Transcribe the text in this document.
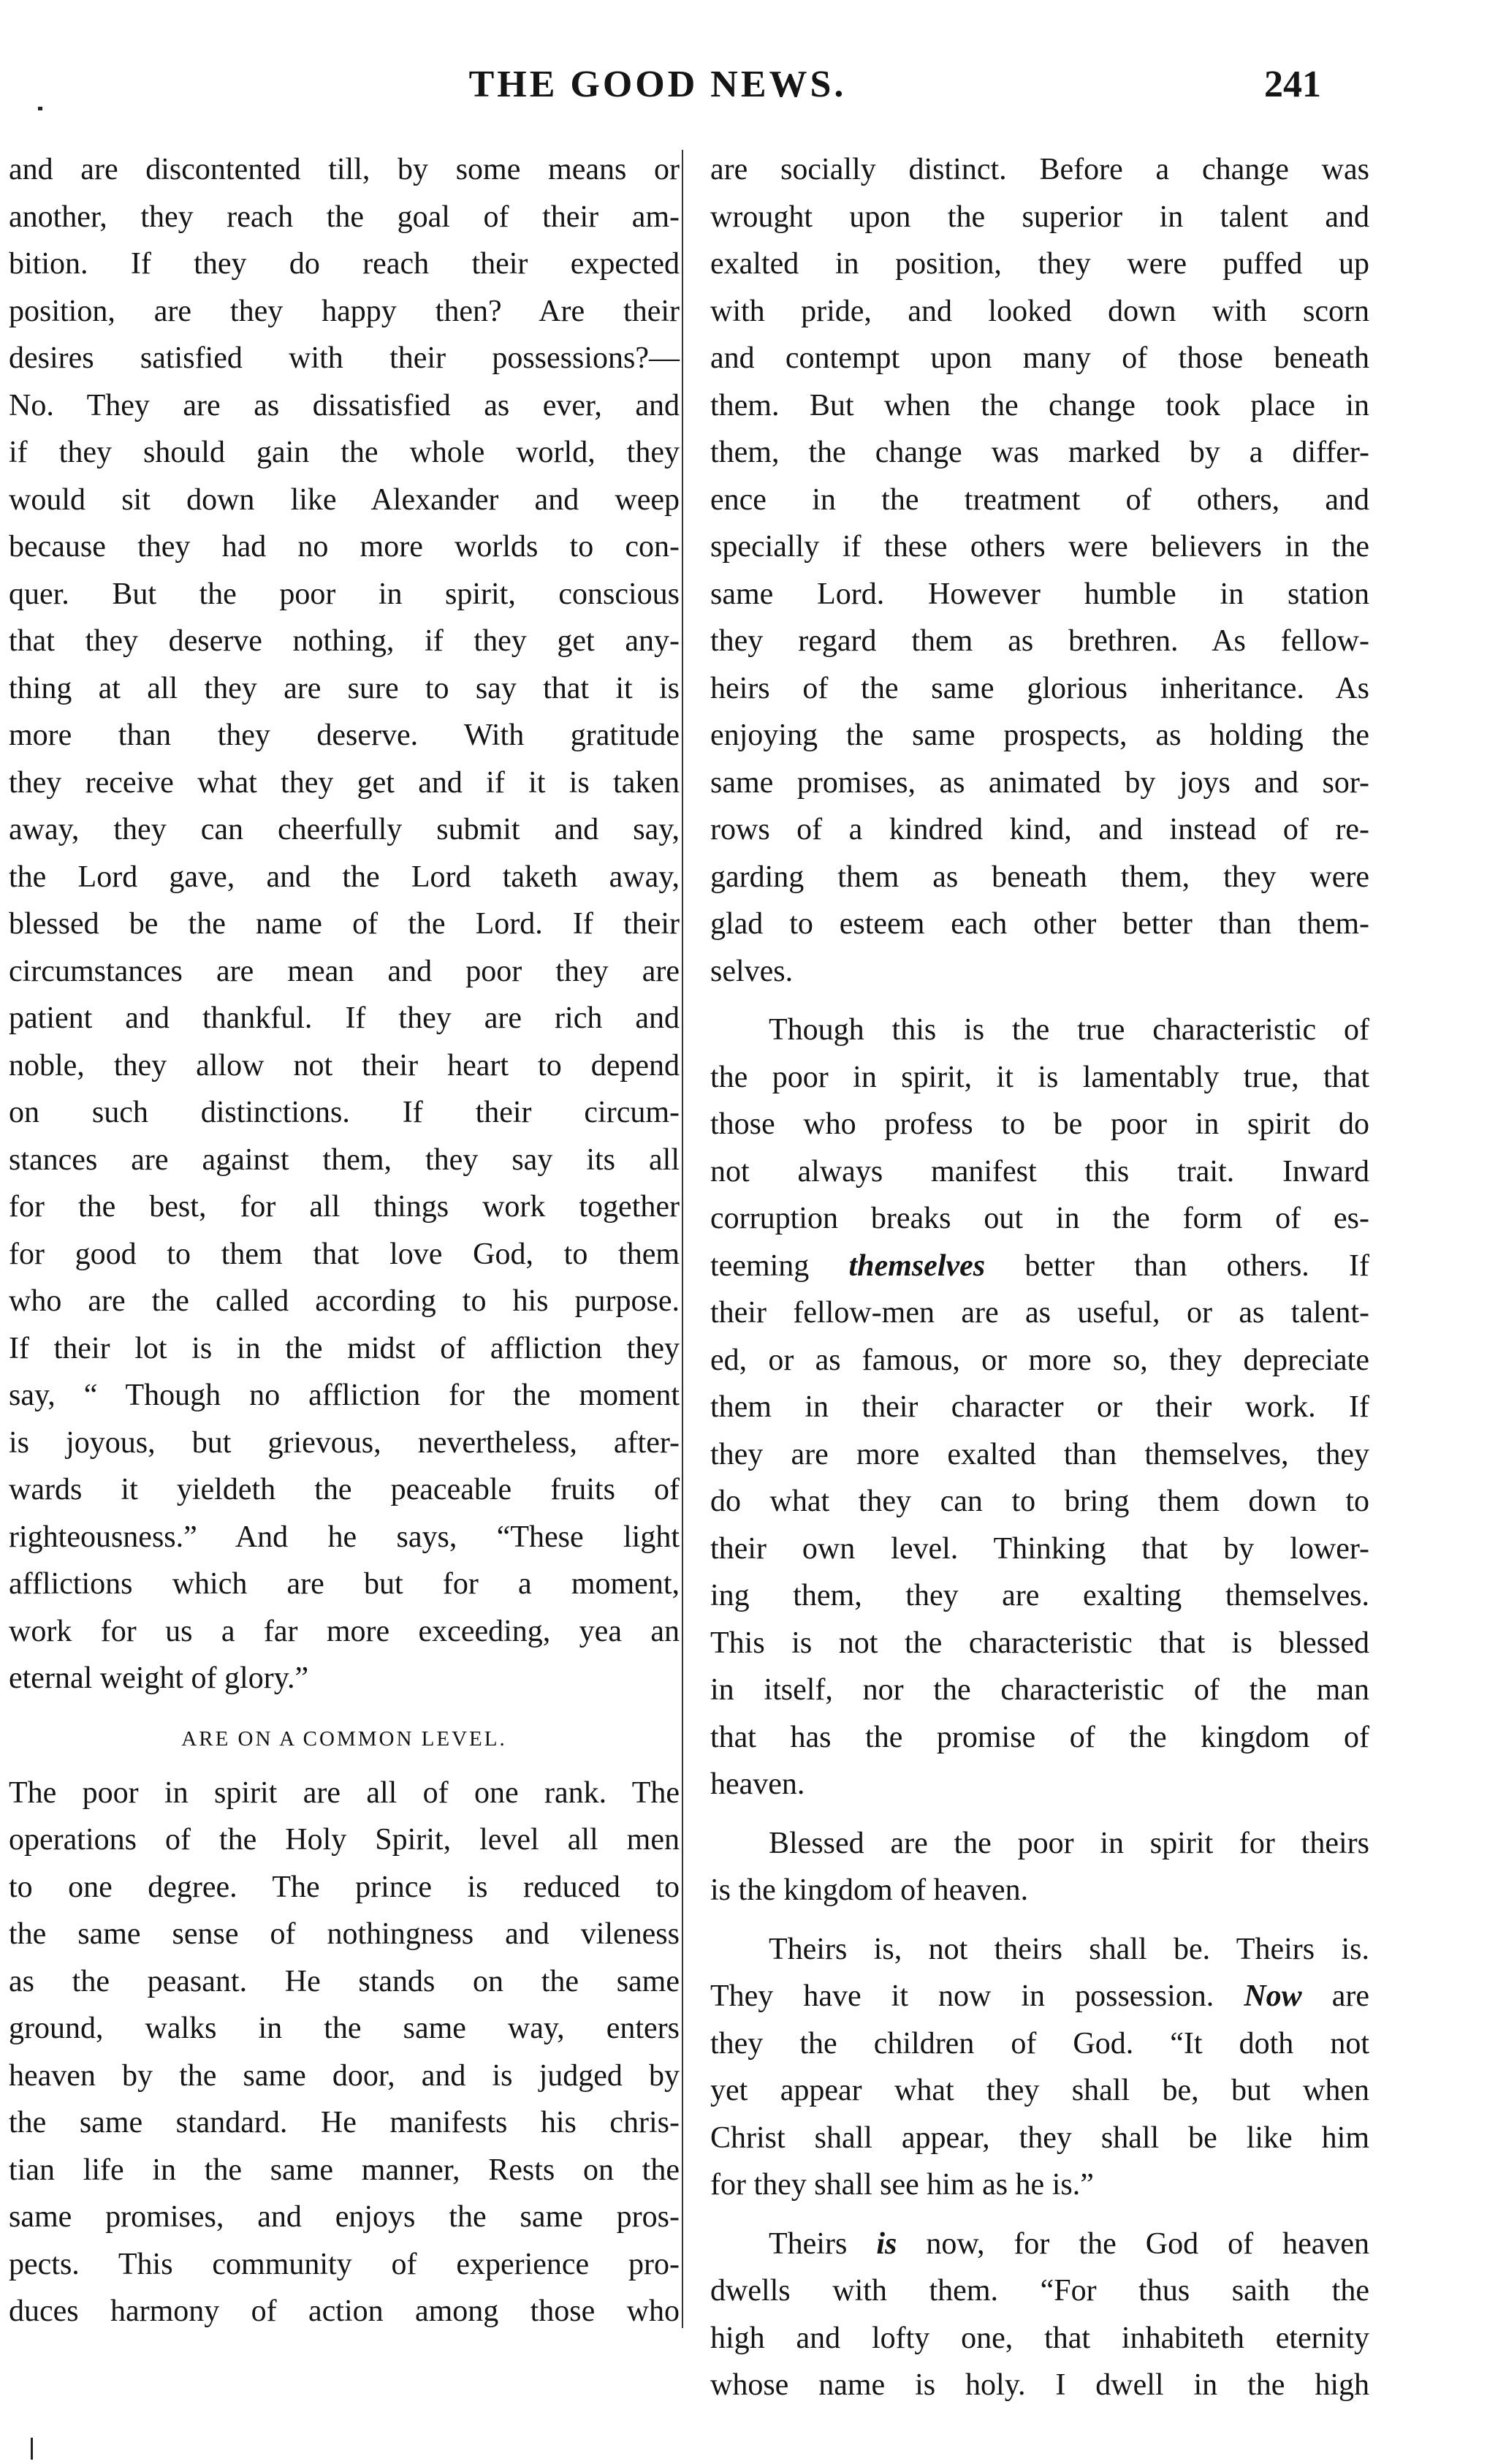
THE GOOD NEWS.	241
and are discontented till, by some means or
another, they reach the goal of their am-
bition. If they do reach their expected
position, are they happy then? Are their
desires satisfied with their possessions?—
No. They are as dissatisfied as ever, and
if they should gain the whole world, they
would sit down like Alexander and weep
because they had no more worlds to con-
quer. But the poor in spirit, conscious
that they deserve nothing, if they get any-
thing at all they are sure to say that it is
more than they deserve. With gratitude
they receive what they get and if it is taken
away, they can cheerfully submit and say,
the Lord gave, and the Lord taketh away,
blessed be the name of the Lord. If their
circumstances are mean and poor they are
patient and thankful. If they are rich and
noble, they allow not their heart to depend
on such distinctions. If their circum-
stances are against them, they say its all
for the best, for all things work together
for good to them that love God, to them
who are the called according to his purpose.
If their lot is in the midst of affliction they
say, “ Though no affliction for the moment
is joyous, but grievous, nevertheless, after-
wards it yieldeth the peaceable fruits of
righteousness.” And he says, “These light
afflictions which are but for a moment,
work for us a far more exceeding, yea an
eternal weight of glory.”
ARE ON A COMMON LEVEL.
The poor in spirit are all of one rank. The
operations of the Holy Spirit, level all men
to one degree. The prince is reduced to
the same sense of nothingness and vileness
as the peasant. He stands on the same
ground, walks in the same way, enters
heaven by the same door, and is judged by
the same standard. He manifests his chris-
tian life in the same manner, Rests on the
same promises, and enjoys the same pros-
pects. This community of experience pro-
duces harmony of action among those who
are socially distinct. Before a change was
wrought upon the superior in talent and
exalted in position, they were puffed up
with pride, and looked down with scorn
and contempt upon many of those beneath
them. But when the change took place in
them, the change was marked by a differ-
ence in the treatment of others, and
specially if these others were believers in the
same Lord. However humble in station
they regard them as brethren. As fellow-
heirs of the same glorious inheritance. As
enjoying the same prospects, as holding the
same promises, as animated by joys and sor-
rows of a kindred kind, and instead of re-
garding them as beneath them, they were
glad to esteem each other better than them-
selves.
Though this is the true characteristic of
the poor in spirit, it is lamentably true, that
those who profess to be poor in spirit do
not always manifest this trait. Inward
corruption breaks out in the form of es-
teeming themselves better than others. If
their fellow-men are as useful, or as talent-
ed, or as famous, or more so, they depreciate
them in their character or their work. If
they are more exalted than themselves, they
do what they can to bring them down to
their own level. Thinking that by lower-
ing them, they are exalting themselves.
This is not the characteristic that is blessed
in itself, nor the characteristic of the man
that has the promise of the kingdom of
heaven.
Blessed are the poor in spirit for theirs
is the kingdom of heaven.
Theirs is, not theirs shall be. Theirs is.
They have it now in possession. Now are
they the children of God. “It doth not
yet appear what they shall be, but when
Christ shall appear, they shall be like him
for they shall see him as he is.”
Theirs is now, for the God of heaven
dwells with them. “For thus saith the
high and lofty one, that inhabiteth eternity
whose name is holy. I dwell in the high
